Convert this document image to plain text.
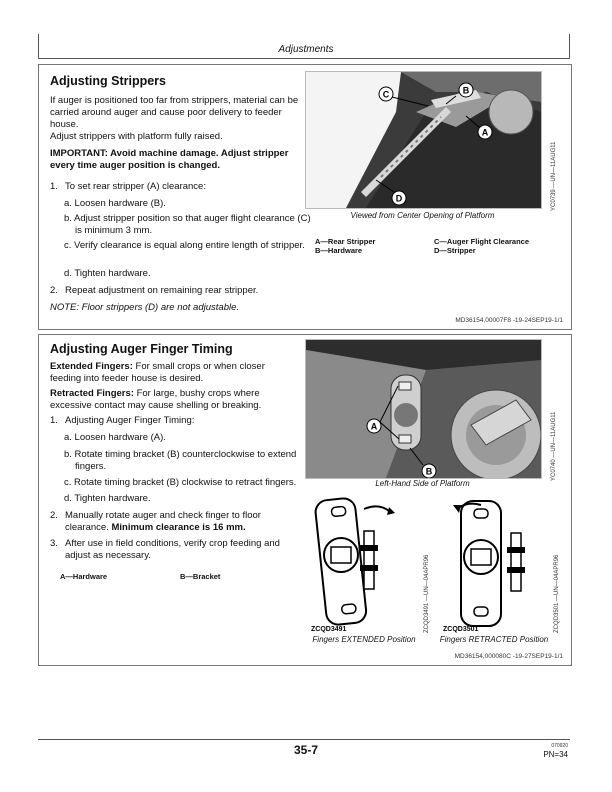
Adjustments
Adjusting Strippers
If auger is positioned too far from strippers, material can be carried around auger and cause poor delivery to feeder house.
Adjust strippers with platform fully raised.
IMPORTANT: Avoid machine damage. Adjust stripper every time auger position is changed.
1. To set rear stripper (A) clearance:
a. Loosen hardware (B).
b. Adjust stripper position so that auger flight clearance (C) is minimum 3 mm.
c. Verify clearance is equal along entire length of stripper.
d. Tighten hardware.
2. Repeat adjustment on remaining rear stripper.
NOTE: Floor strippers (D) are not adjustable.
C	B
A
D	YC0739 —UN—11AUG11
Viewed from Center Opening of Platform
A—Rear Stripper	C—Auger Flight Clearance
B—Hardware	D—Stripper
MD36154,00007F8 -19-24SEP19-1/1
Adjusting Auger Finger Timing
Extended Fingers: For small crops or when closer feeding into feeder house is desired.
Retracted Fingers: For large, bushy crops where excessive contact may cause shelling or breaking.
1. Adjusting Auger Finger Timing:
a. Loosen hardware (A).
b. Rotate timing bracket (B) counterclockwise to extend fingers.
c. Rotate timing bracket (B) clockwise to retract fingers.
d. Tighten hardware.
2. Manually rotate auger and check finger to floor clearance. Minimum clearance is 16 mm.
3. After use in field conditions, verify crop feeding and adjust as necessary.
A—Hardware	B—Bracket
A
B	YC0740 —UN—11AUG11
Left-Hand Side of Platform
ZCQD3491	ZCQD3491 —UN—04APR96
Fingers EXTENDED Position
ZCQD3501	ZCQD3501 —UN—04APR96
Fingers RETRACTED Position
MD36154,000080C -19-27SEP19-1/1
35-7	070920
PN=34
